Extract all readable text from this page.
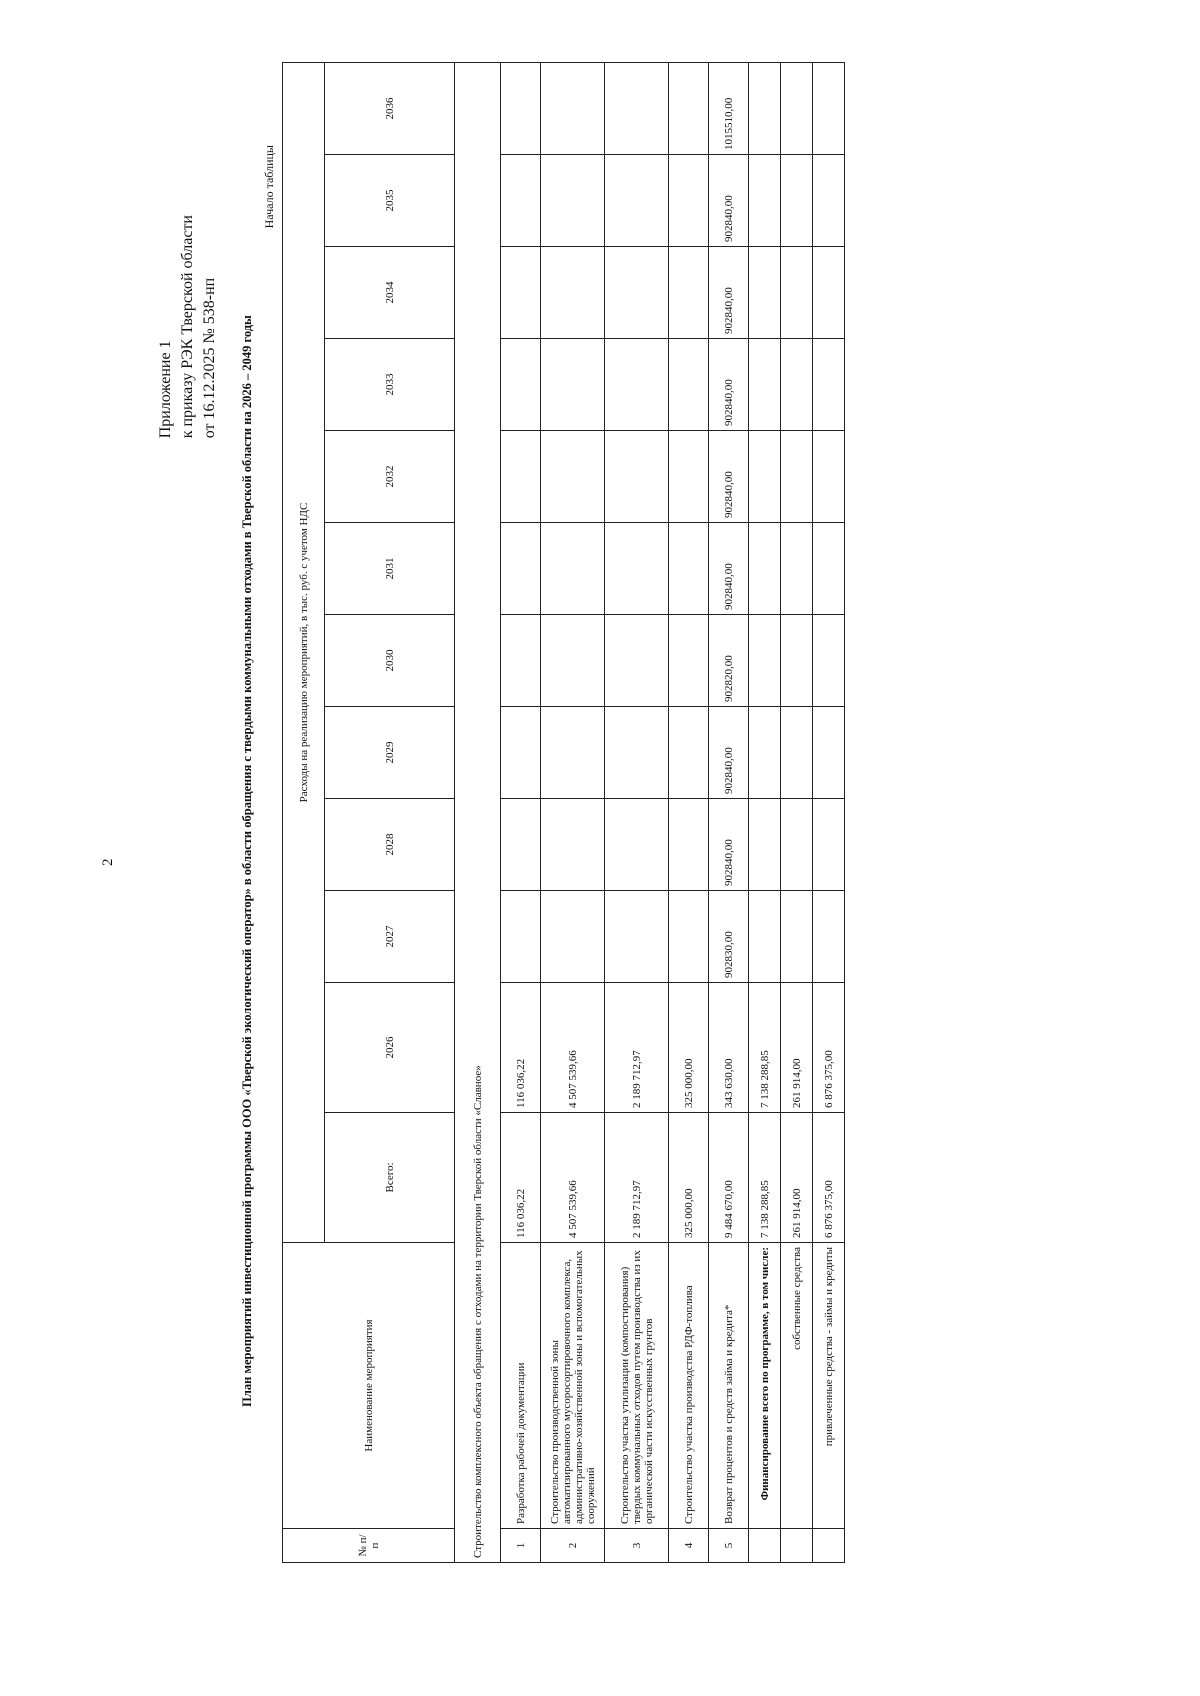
2
Приложение 1 к приказу РЭК Тверской области от 16.12.2025 № 538-нп План мероприятий инвестиционной программы ООО «Тверской экологический оператор» в области обращения с твердыми коммунальными отходами в Тверской области на 2026 – 2049 годы
Начало таблицы
№ п/п	Наименование мероприятия	Расходы на реализацию мероприятий, в тыс. руб. с учетом НДС											
		Всего:	2026	2027	2028	2029	2030	2031	2032	2033	2034	2035	2036
Строительство комплексного объекта обращения с отходами на территории Тверской области «Славное»													
1	Разработка рабочей документации	116 036,22	116 036,22										
2	Строительство производственной зоны автоматизированного мусоросортировочного комплекса, административно-хозяйственной зоны и вспомогательных сооружений	4 507 539,66	4 507 539,66										
3	Строительство участка утилизации (компостирования) твердых коммунальных отходов путем производства из их органической части искусственных грунтов	2 189 712,97	2 189 712,97										
4	Строительство участка производства РДФ-топлива	325 000,00	325 000,00										
5	Возврат процентов и средств займа и кредита*	9 484 670,00	343 630,00	902830,00	902840,00	902840,00	902820,00	902840,00	902840,00	902840,00	902840,00	902840,00	1015510,00
	Финансирование всего по программе, в том числе:	7 138 288,85	7 138 288,85										
	собственные средства	261 914,00	261 914,00										
	привлеченные средства - займы и кредиты	6 876 375,00	6 876 375,00										
